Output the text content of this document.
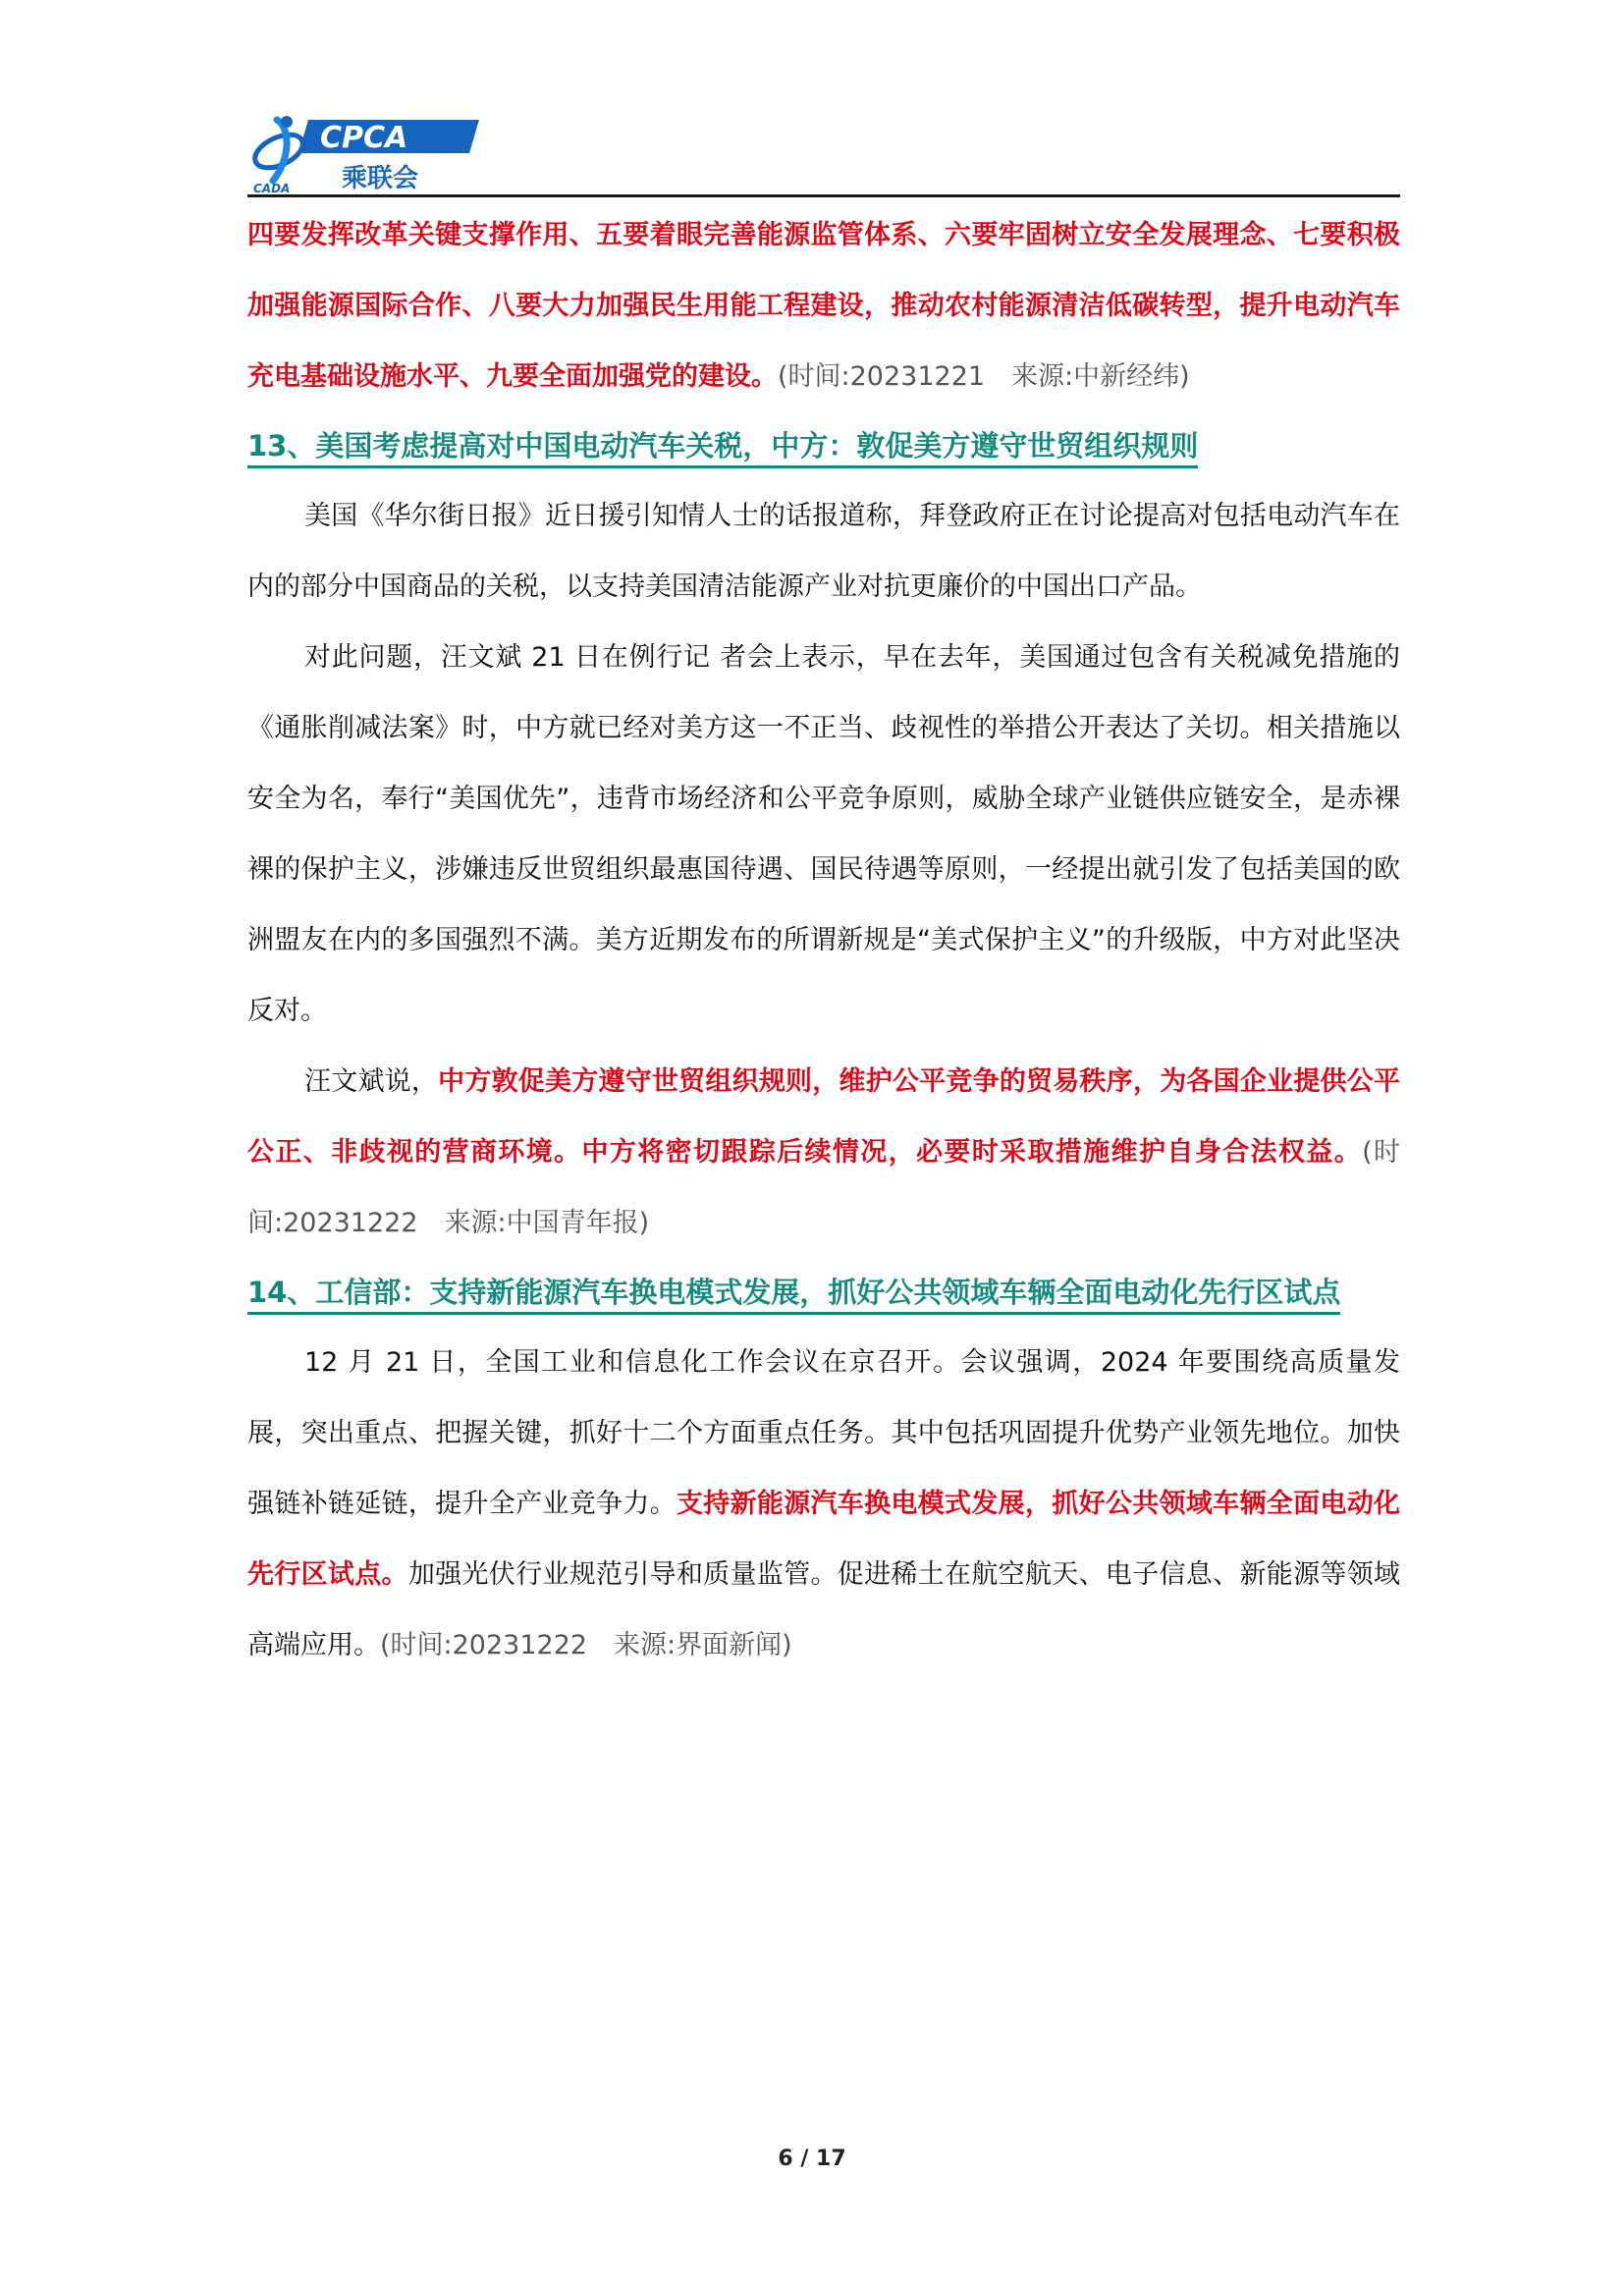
CPCA
乘联会
CADA

四要发挥改革关键支撑作用、五要着眼完善能源监管体系、六要牢固树立安全发展理念、七要积极加强能源国际合作、八要大力加强民生用能工程建设，推动农村能源清洁低碳转型，提升电动汽车充电基础设施水平、九要全面加强党的建设。(时间:20231221　来源:中新经纬)

13、美国考虑提高对中国电动汽车关税，中方：敦促美方遵守世贸组织规则

美国《华尔街日报》近日援引知情人士的话报道称，拜登政府正在讨论提高对包括电动汽车在内的部分中国商品的关税，以支持美国清洁能源产业对抗更廉价的中国出口产品。

对此问题，汪文斌 21 日在例行记 者会上表示，早在去年，美国通过包含有关税减免措施的《通胀削减法案》时，中方就已经对美方这一不正当、歧视性的举措公开表达了关切。相关措施以安全为名，奉行“美国优先”，违背市场经济和公平竞争原则，威胁全球产业链供应链安全，是赤裸裸的保护主义，涉嫌违反世贸组织最惠国待遇、国民待遇等原则，一经提出就引发了包括美国的欧洲盟友在内的多国强烈不满。美方近期发布的所谓新规是“美式保护主义”的升级版，中方对此坚决反对。

汪文斌说，中方敦促美方遵守世贸组织规则，维护公平竞争的贸易秩序，为各国企业提供公平公正、非歧视的营商环境。中方将密切跟踪后续情况，必要时采取措施维护自身合法权益。(时间:20231222　来源:中国青年报)

14、工信部：支持新能源汽车换电模式发展，抓好公共领域车辆全面电动化先行区试点

12 月 21 日，全国工业和信息化工作会议在京召开。会议强调，2024 年要围绕高质量发展，突出重点、把握关键，抓好十二个方面重点任务。其中包括巩固提升优势产业领先地位。加快强链补链延链，提升全产业竞争力。支持新能源汽车换电模式发展，抓好公共领域车辆全面电动化先行区试点。加强光伏行业规范引导和质量监管。促进稀土在航空航天、电子信息、新能源等领域高端应用。(时间:20231222　来源:界面新闻)

6 / 17
